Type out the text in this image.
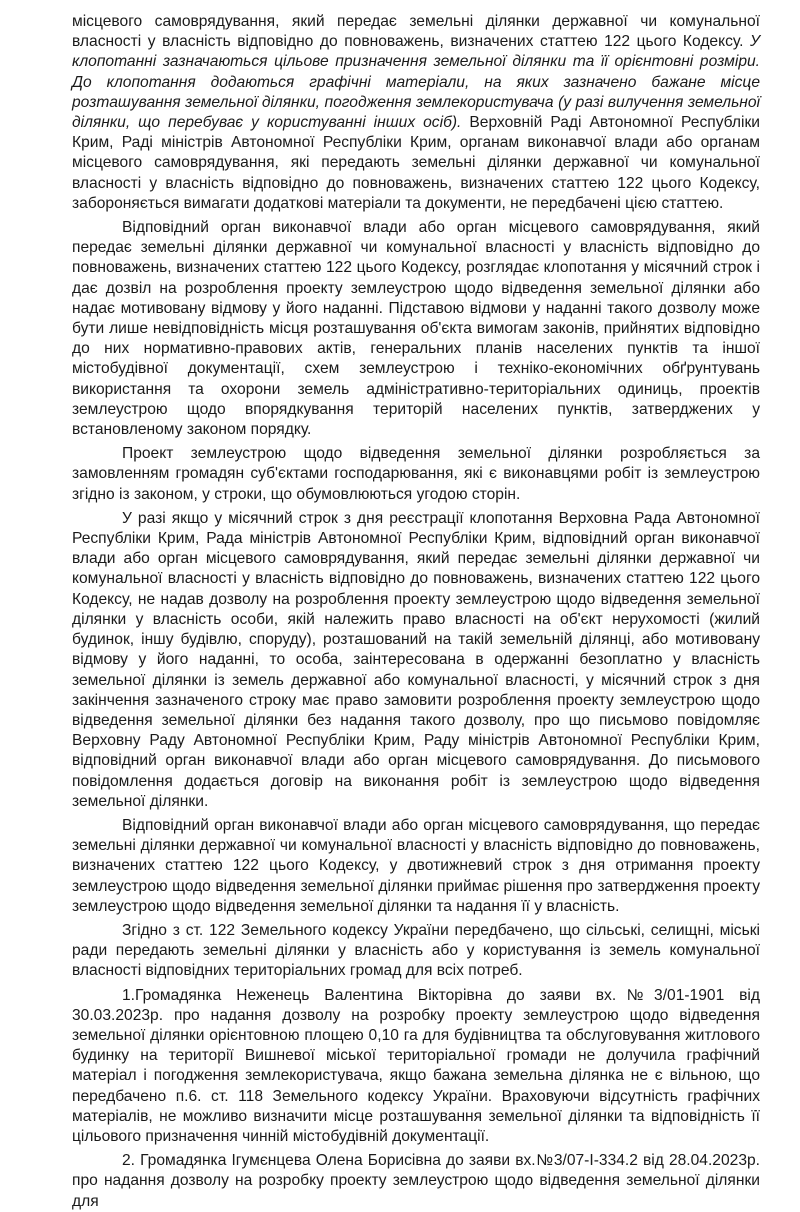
місцевого самоврядування, який передає земельні ділянки державної чи комунальної власності у власність відповідно до повноважень, визначених статтею 122 цього Кодексу. У клопотанні зазначаються цільове призначення земельної ділянки та її орієнтовні розміри. До клопотання додаються графічні матеріали, на яких зазначено бажане місце розташування земельної ділянки, погодження землекористувача (у разі вилучення земельної ділянки, що перебуває у користуванні інших осіб). Верховній Раді Автономної Республіки Крим, Раді міністрів Автономної Республіки Крим, органам виконавчої влади або органам місцевого самоврядування, які передають земельні ділянки державної чи комунальної власності у власність відповідно до повноважень, визначених статтею 122 цього Кодексу, забороняється вимагати додаткові матеріали та документи, не передбачені цією статтею.

Відповідний орган виконавчої влади або орган місцевого самоврядування, який передає земельні ділянки державної чи комунальної власності у власність відповідно до повноважень, визначених статтею 122 цього Кодексу, розглядає клопотання у місячний строк і дає дозвіл на розроблення проекту землеустрою щодо відведення земельної ділянки або надає мотивовану відмову у його наданні. Підставою відмови у наданні такого дозволу може бути лише невідповідність місця розташування об'єкта вимогам законів, прийнятих відповідно до них нормативно-правових актів, генеральних планів населених пунктів та іншої містобудівної документації, схем землеустрою і техніко-економічних обґрунтувань використання та охорони земель адміністративно-територіальних одиниць, проектів землеустрою щодо впорядкування територій населених пунктів, затверджених у встановленому законом порядку.

Проект землеустрою щодо відведення земельної ділянки розробляється за замовленням громадян суб'єктами господарювання, які є виконавцями робіт із землеустрою згідно із законом, у строки, що обумовлюються угодою сторін.

У разі якщо у місячний строк з дня реєстрації клопотання Верховна Рада Автономної Республіки Крим, Рада міністрів Автономної Республіки Крим, відповідний орган виконавчої влади або орган місцевого самоврядування, який передає земельні ділянки державної чи комунальної власності у власність відповідно до повноважень, визначених статтею 122 цього Кодексу, не надав дозволу на розроблення проекту землеустрою щодо відведення земельної ділянки у власність особи, якій належить право власності на об'єкт нерухомості (жилий будинок, іншу будівлю, споруду), розташований на такій земельній ділянці, або мотивовану відмову у його наданні, то особа, заінтересована в одержанні безоплатно у власність земельної ділянки із земель державної або комунальної власності, у місячний строк з дня закінчення зазначеного строку має право замовити розроблення проекту землеустрою щодо відведення земельної ділянки без надання такого дозволу, про що письмово повідомляє Верховну Раду Автономної Республіки Крим, Раду міністрів Автономної Республіки Крим, відповідний орган виконавчої влади або орган місцевого самоврядування. До письмового повідомлення додається договір на виконання робіт із землеустрою щодо відведення земельної ділянки.

Відповідний орган виконавчої влади або орган місцевого самоврядування, що передає земельні ділянки державної чи комунальної власності у власність відповідно до повноважень, визначених статтею 122 цього Кодексу, у двотижневий строк з дня отримання проекту землеустрою щодо відведення земельної ділянки приймає рішення про затвердження проекту землеустрою щодо відведення земельної ділянки та надання її у власність.

Згідно з ст. 122 Земельного кодексу України передбачено, що сільські, селищні, міські ради передають земельні ділянки у власність або у користування із земель комунальної власності відповідних територіальних громад для всіх потреб.

1.Громадянка Неженець Валентина Вікторівна до заяви вх.№3/01-1901 від 30.03.2023р. про надання дозволу на розробку проекту землеустрою щодо відведення земельної ділянки орієнтовною площею 0,10 га для будівництва та обслуговування житлового будинку на території Вишневої міської територіальної громади не долучила графічний матеріал і погодження землекористувача, якщо бажана земельна ділянка не є вільною, що передбачено п.6. ст. 118 Земельного кодексу України. Враховуючи відсутність графічних матеріалів, не можливо визначити місце розташування земельної ділянки та відповідність її цільового призначення чинній містобудівній документації.

2. Громадянка Ігумєнцева Олена Борисівна до заяви вх.№3/07-І-334.2 від 28.04.2023р. про надання дозволу на розробку проекту землеустрою щодо відведення земельної ділянки для
